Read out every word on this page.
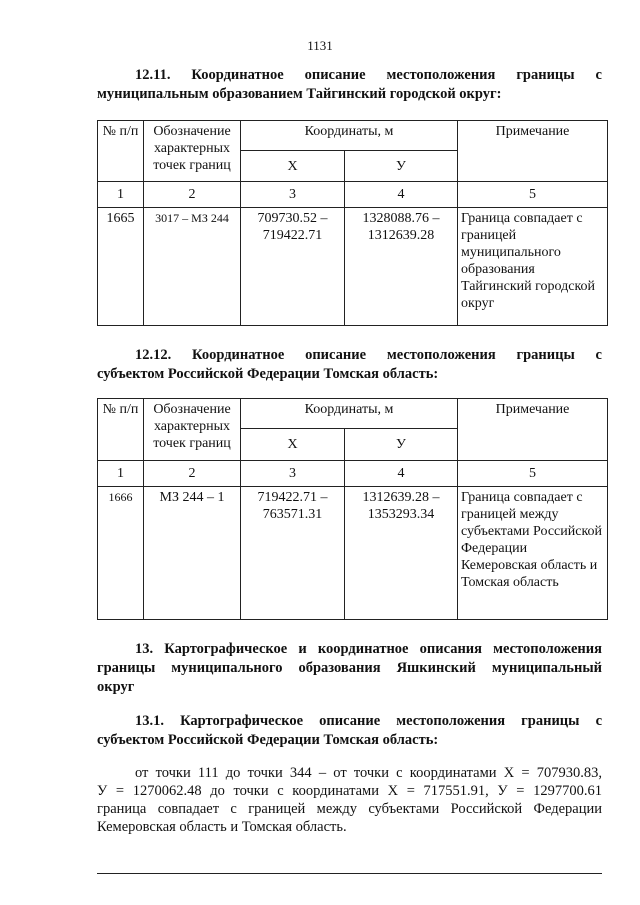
1131
12.11. Координатное описание местоположения границы с
муниципальным образованием Тайгинский городской округ:
№ п/п	Обозначение характерных точек границ	Координаты, м		Примечание
		Х	У	
1	2	3	4	5
1665	3017 – МЗ 244	709730.52 – 719422.71	1328088.76 – 1312639.28	Граница совпадает с границей муниципального образования Тайгинский городской округ
12.12. Координатное описание местоположения границы с
субъектом Российской Федерации Томская область:
№ п/п	Обозначение характерных точек границ	Координаты, м		Примечание
		Х	У	
1	2	3	4	5
1666	МЗ 244 – 1	719422.71 – 763571.31	1312639.28 – 1353293.34	Граница совпадает с границей между субъектами Российской Федерации Кемеровская область и Томская область
13. Картографическое и координатное описания местоположения
границы муниципального образования Яшкинский муниципальный
округ
13.1. Картографическое описание местоположения границы с
субъектом Российской Федерации Томская область:
от точки 111 до точки 344 – от точки с координатами Х = 707930.83,
У = 1270062.48 до точки с координатами Х = 717551.91, У = 1297700.61
граница совпадает с границей между субъектами Российской Федерации
Кемеровская область и Томская область.
